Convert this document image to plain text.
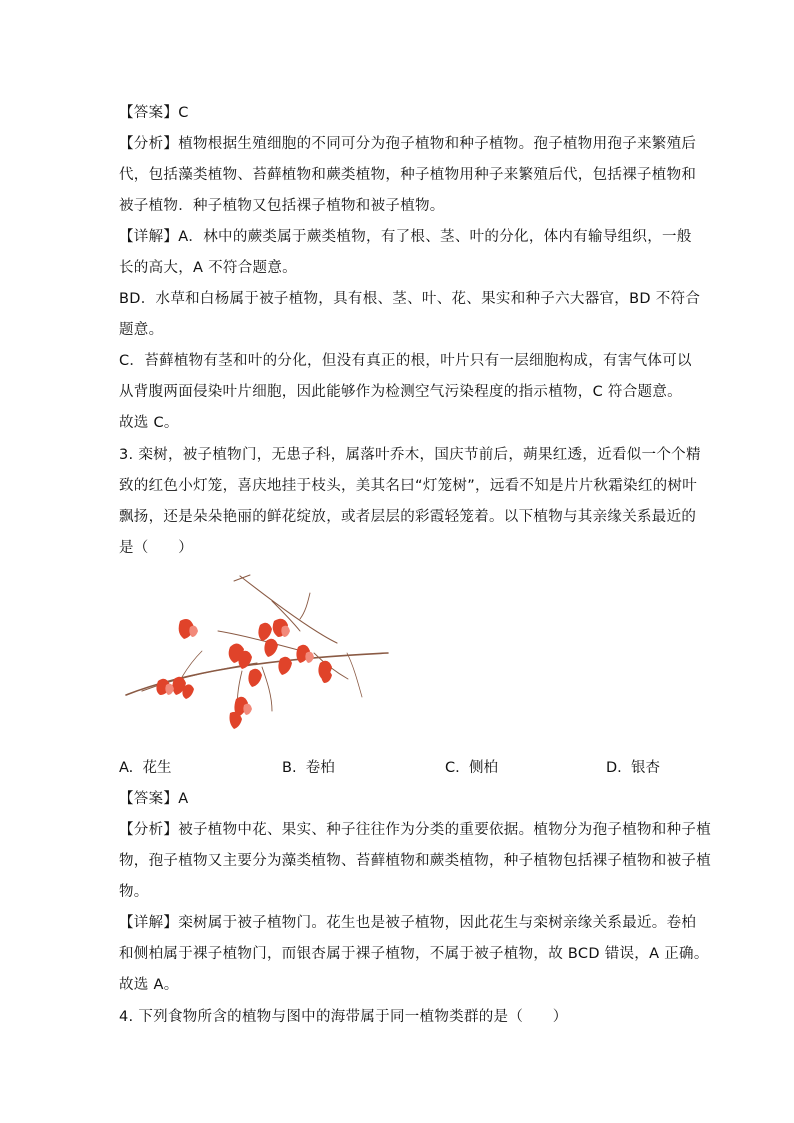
【答案】C
【分析】植物根据生殖细胞的不同可分为孢子植物和种子植物。孢子植物用孢子来繁殖后
代，包括藻类植物、苔藓植物和蕨类植物，种子植物用种子来繁殖后代，包括裸子植物和
被子植物．种子植物又包括裸子植物和被子植物。
【详解】A．林中的蕨类属于蕨类植物，有了根、茎、叶的分化，体内有输导组织，一般
长的高大，A 不符合题意。
BD．水草和白杨属于被子植物，具有根、茎、叶、花、果实和种子六大器官，BD 不符合
题意。
C．苔藓植物有茎和叶的分化，但没有真正的根，叶片只有一层细胞构成，有害气体可以
从背腹两面侵染叶片细胞，因此能够作为检测空气污染程度的指示植物，C 符合题意。
故选 C。
3. 栾树，被子植物门，无患子科，属落叶乔木，国庆节前后，蒴果红透，近看似一个个精
致的红色小灯笼，喜庆地挂于枝头，美其名曰“灯笼树”，远看不知是片片秋霜染红的树叶
飘扬，还是朵朵艳丽的鲜花绽放，或者层层的彩霞轻笼着。以下植物与其亲缘关系最近的
是（　　）
A. 花生	B. 卷柏	C. 侧柏	D. 银杏
【答案】A
【分析】被子植物中花、果实、种子往往作为分类的重要依据。植物分为孢子植物和种子植
物，孢子植物又主要分为藻类植物、苔藓植物和蕨类植物，种子植物包括裸子植物和被子植
物。
【详解】栾树属于被子植物门。花生也是被子植物，因此花生与栾树亲缘关系最近。卷柏
和侧柏属于裸子植物门，而银杏属于裸子植物，不属于被子植物，故 BCD 错误，A 正确。
故选 A。
4. 下列食物所含的植物与图中的海带属于同一植物类群的是（　　）
